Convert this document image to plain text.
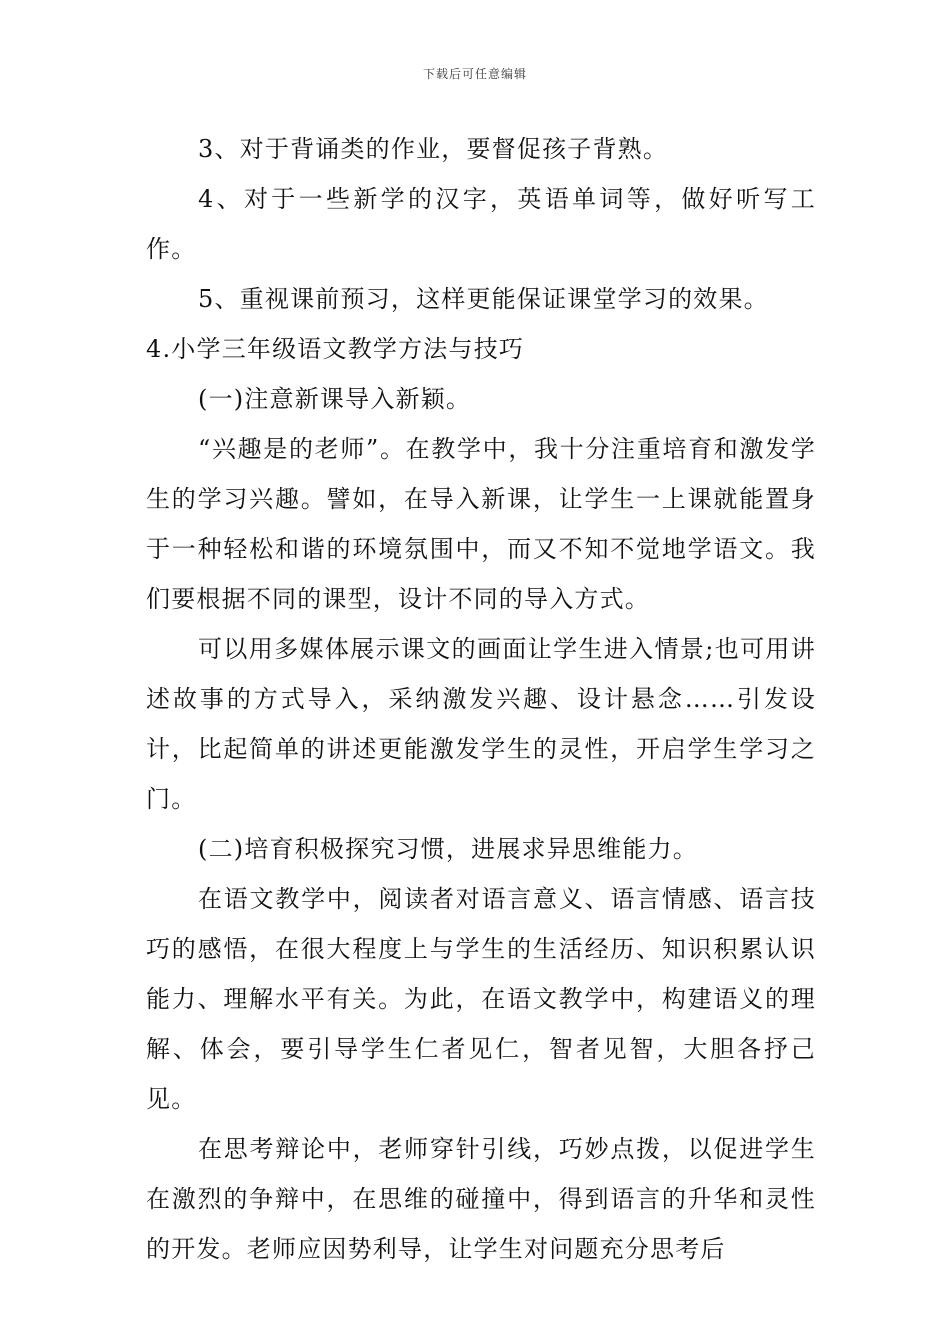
下载后可任意编辑

3、对于背诵类的作业，要督促孩子背熟。

4、对于一些新学的汉字，英语单词等，做好听写工作。

5、重视课前预习，这样更能保证课堂学习的效果。

4.小学三年级语文教学方法与技巧

(一)注意新课导入新颖。

“兴趣是的老师”。在教学中，我十分注重培育和激发学生的学习兴趣。譬如，在导入新课，让学生一上课就能置身于一种轻松和谐的环境氛围中，而又不知不觉地学语文。我们要根据不同的课型，设计不同的导入方式。

可以用多媒体展示课文的画面让学生进入情景;也可用讲述故事的方式导入，采纳激发兴趣、设计悬念……引发设计，比起简单的讲述更能激发学生的灵性，开启学生学习之门。

(二)培育积极探究习惯，进展求异思维能力。

在语文教学中，阅读者对语言意义、语言情感、语言技巧的感悟，在很大程度上与学生的生活经历、知识积累认识能力、理解水平有关。为此，在语文教学中，构建语义的理解、体会，要引导学生仁者见仁，智者见智，大胆各抒己见。

在思考辩论中，老师穿针引线，巧妙点拨，以促进学生在激烈的争辩中，在思维的碰撞中，得到语言的升华和灵性的开发。老师应因势利导，让学生对问题充分思考后
